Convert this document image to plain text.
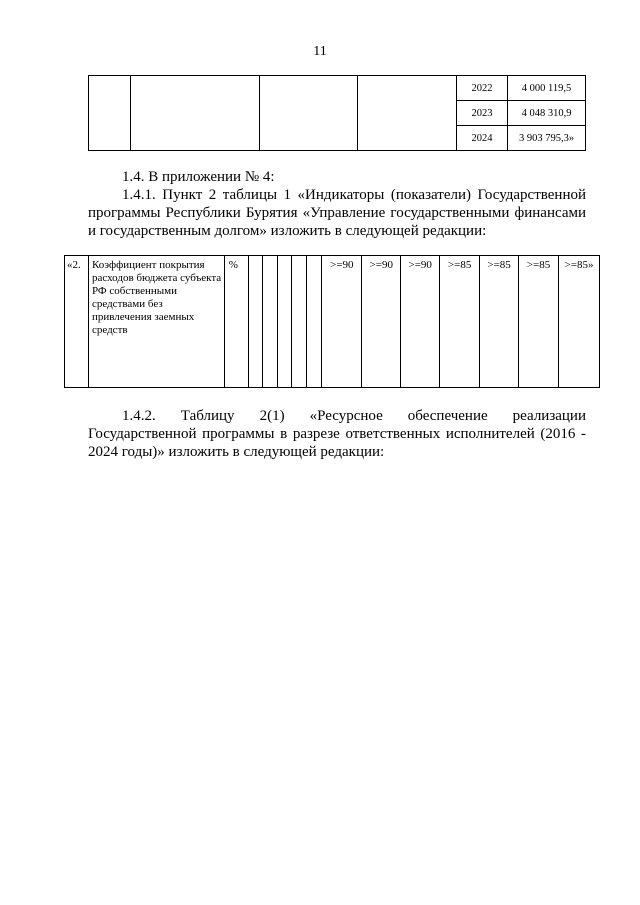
11
				2022	4 000 119,5
				2023	4 048 310,9
				2024	3 903 795,3»
1.4. В приложении № 4:
1.4.1. Пункт 2 таблицы 1 «Индикаторы (показатели) Государственной программы Республики Бурятия «Управление государственными финансами и государственным долгом» изложить в следующей редакции:
«2.	Коэффициент покрытия расходов бюджета субъекта РФ собственными средствами без привлечения заемных средств	%						>=90	>=90	>=90	>=85	>=85	>=85	>=85»
1.4.2. Таблицу 2(1) «Ресурсное обеспечение реализации Государственной программы в разрезе ответственных исполнителей (2016 - 2024 годы)» изложить в следующей редакции:
